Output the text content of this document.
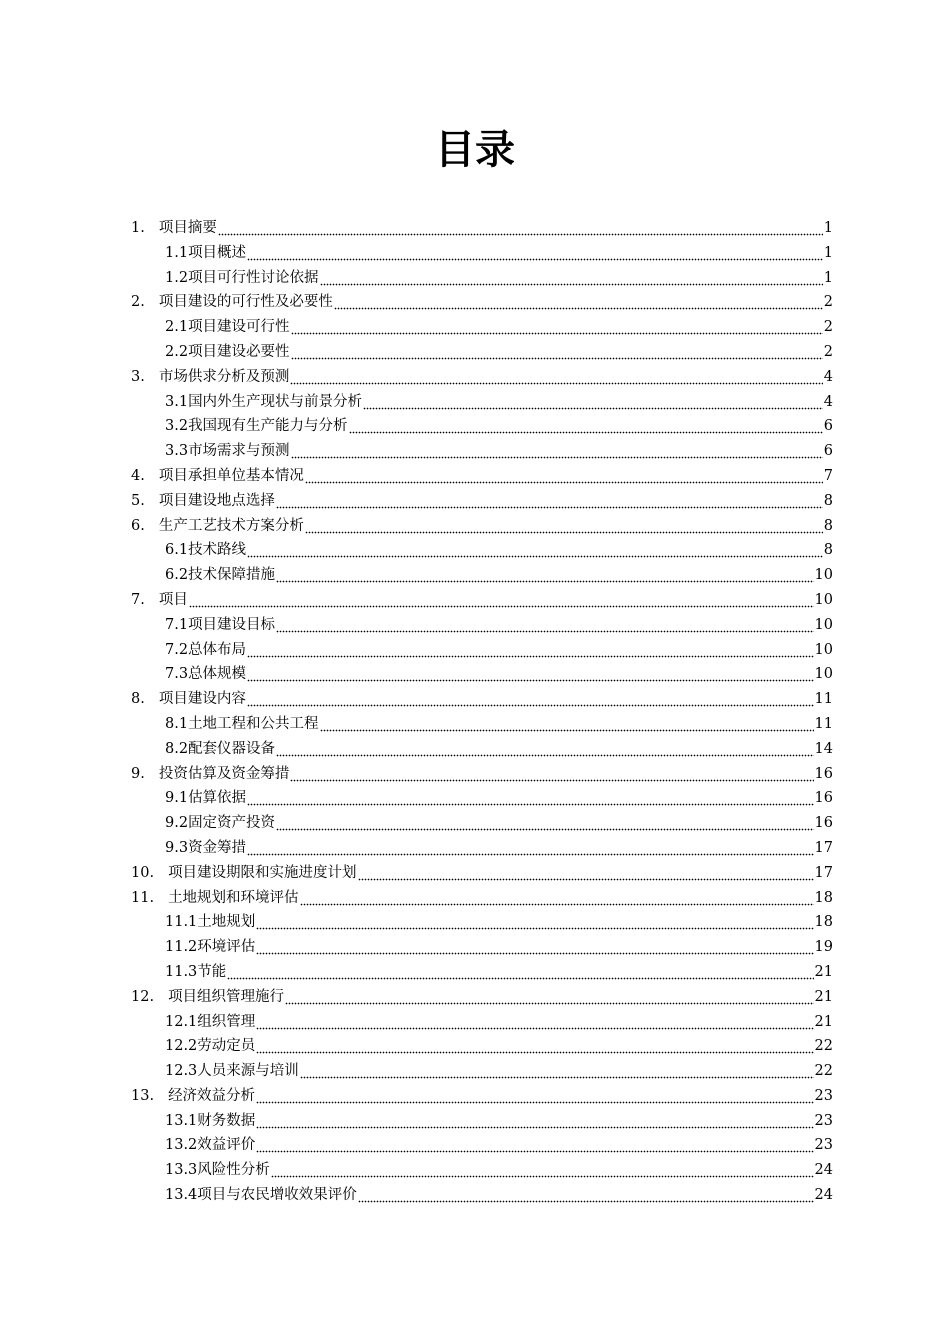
目录
1. 项目摘要	1
1.1 项目概述	1
1.2 项目可行性讨论依据	1
2. 项目建设的可行性及必要性	2
2.1 项目建设可行性	2
2.2 项目建设必要性	2
3. 市场供求分析及预测	4
3.1 国内外生产现状与前景分析	4
3.2 我国现有生产能力与分析	6
3.3 市场需求与预测	6
4. 项目承担单位基本情况	7
5. 项目建设地点选择	8
6. 生产工艺技术方案分析	8
6.1 技术路线	8
6.2 技术保障措施	10
7. 项目	10
7.1 项目建设目标	10
7.2 总体布局	10
7.3 总体规模	10
8. 项目建设内容	11
8.1 土地工程和公共工程	11
8.2 配套仪器设备	14
9. 投资估算及资金筹措	16
9.1 估算依据	16
9.2 固定资产投资	16
9.3 资金筹措	17
10. 项目建设期限和实施进度计划	17
11. 土地规划和环境评估	18
11.1 土地规划	18
11.2 环境评估	19
11.3 节能	21
12. 项目组织管理施行	21
12.1 组织管理	21
12.2 劳动定员	22
12.3 人员来源与培训	22
13. 经济效益分析	23
13.1 财务数据	23
13.2 效益评价	23
13.3 风险性分析	24
13.4 项目与农民增收效果评价	24
